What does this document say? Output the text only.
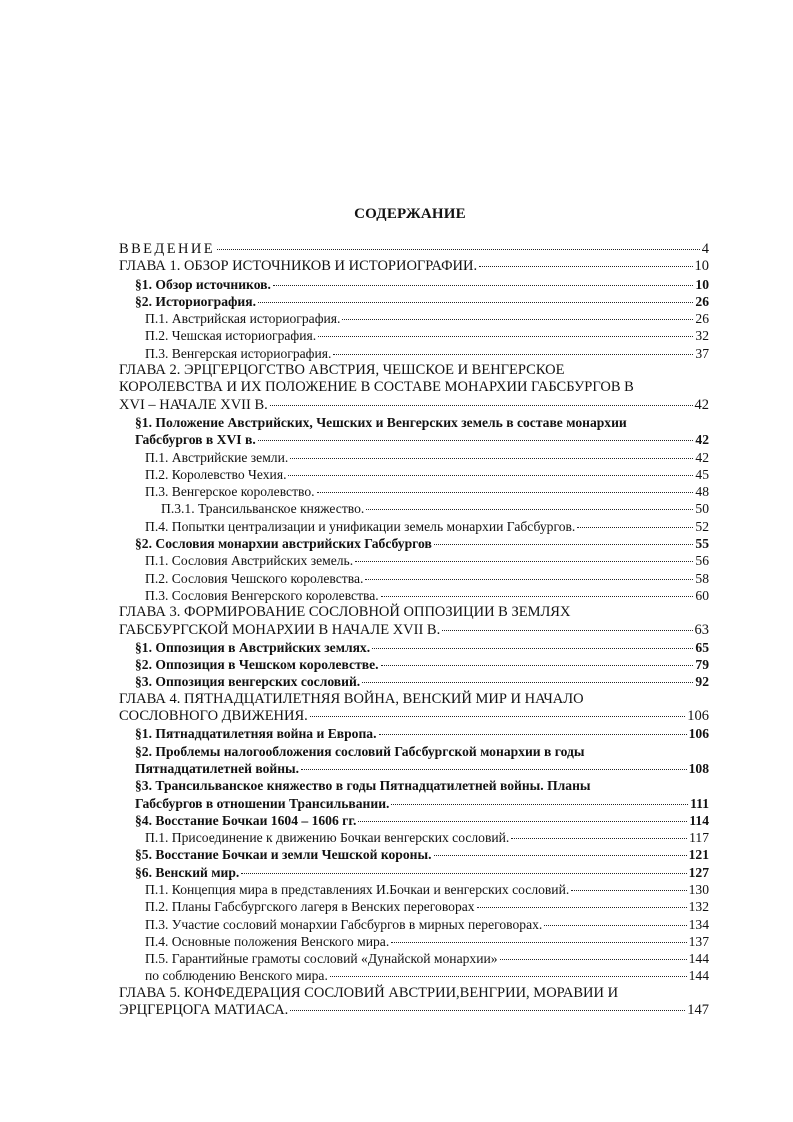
СОДЕРЖАНИЕ
ВВЕДЕНИЕ	4
ГЛАВА 1. ОБЗОР ИСТОЧНИКОВ И ИСТОРИОГРАФИИ.	10
§1. Обзор источников.	10
§2. Историография.	26
П.1. Австрийская историография.	26
П.2. Чешская историография.	32
П.3. Венгерская историография.	37
ГЛАВА 2. ЭРЦГЕРЦОГСТВО АВСТРИЯ, ЧЕШСКОЕ И ВЕНГЕРСКОЕ
КОРОЛЕВСТВА И ИХ ПОЛОЖЕНИЕ В СОСТАВЕ МОНАРХИИ ГАБСБУРГОВ В
XVI – НАЧАЛЕ XVII В.	42
§1. Положение Австрийских, Чешских и Венгерских земель в составе монархии
Габсбургов в XVI в.	42
П.1. Австрийские земли.	42
П.2. Королевство Чехия.	45
П.3. Венгерское королевство.	48
П.3.1. Трансильванское княжество.	50
П.4. Попытки централизации и унификации земель монархии Габсбургов.	52
§2. Сословия монархии австрийских Габсбургов	55
П.1. Сословия Австрийских земель.	56
П.2. Сословия Чешского королевства.	58
П.3. Сословия Венгерского королевства.	60
ГЛАВА 3. ФОРМИРОВАНИЕ СОСЛОВНОЙ ОППОЗИЦИИ В ЗЕМЛЯХ
ГАБСБУРГСКОЙ МОНАРХИИ В НАЧАЛЕ XVII В.	63
§1. Оппозиция в Австрийских землях.	65
§2. Оппозиция в Чешском королевстве.	79
§3. Оппозиция венгерских сословий.	92
ГЛАВА 4. ПЯТНАДЦАТИЛЕТНЯЯ ВОЙНА, ВЕНСКИЙ МИР И НАЧАЛО
СОСЛОВНОГО ДВИЖЕНИЯ.	106
§1. Пятнадцатилетняя война и Европа.	106
§2. Проблемы налогообложения сословий Габсбургской монархии в годы
Пятнадцатилетней войны.	108
§3. Трансильванское княжество в годы Пятнадцатилетней войны. Планы
Габсбургов в отношении Трансильвании.	111
§4. Восстание Бочкаи 1604 – 1606 гг.	114
П.1. Присоединение к движению Бочкаи венгерских сословий.	117
§5. Восстание Бочкаи и земли Чешской короны.	121
§6. Венский мир.	127
П.1. Концепция мира в представлениях И.Бочкаи и венгерских сословий.	130
П.2. Планы Габсбургского лагеря в Венских переговорах	132
П.3. Участие сословий монархии Габсбургов в мирных переговорах.	134
П.4. Основные положения Венского мира.	137
П.5. Гарантийные грамоты сословий «Дунайской монархии»	144
по соблюдению Венского мира.	144
ГЛАВА 5. КОНФЕДЕРАЦИЯ СОСЛОВИЙ АВСТРИИ,ВЕНГРИИ, МОРАВИИ И
ЭРЦГЕРЦОГА МАТИАСА.	147
